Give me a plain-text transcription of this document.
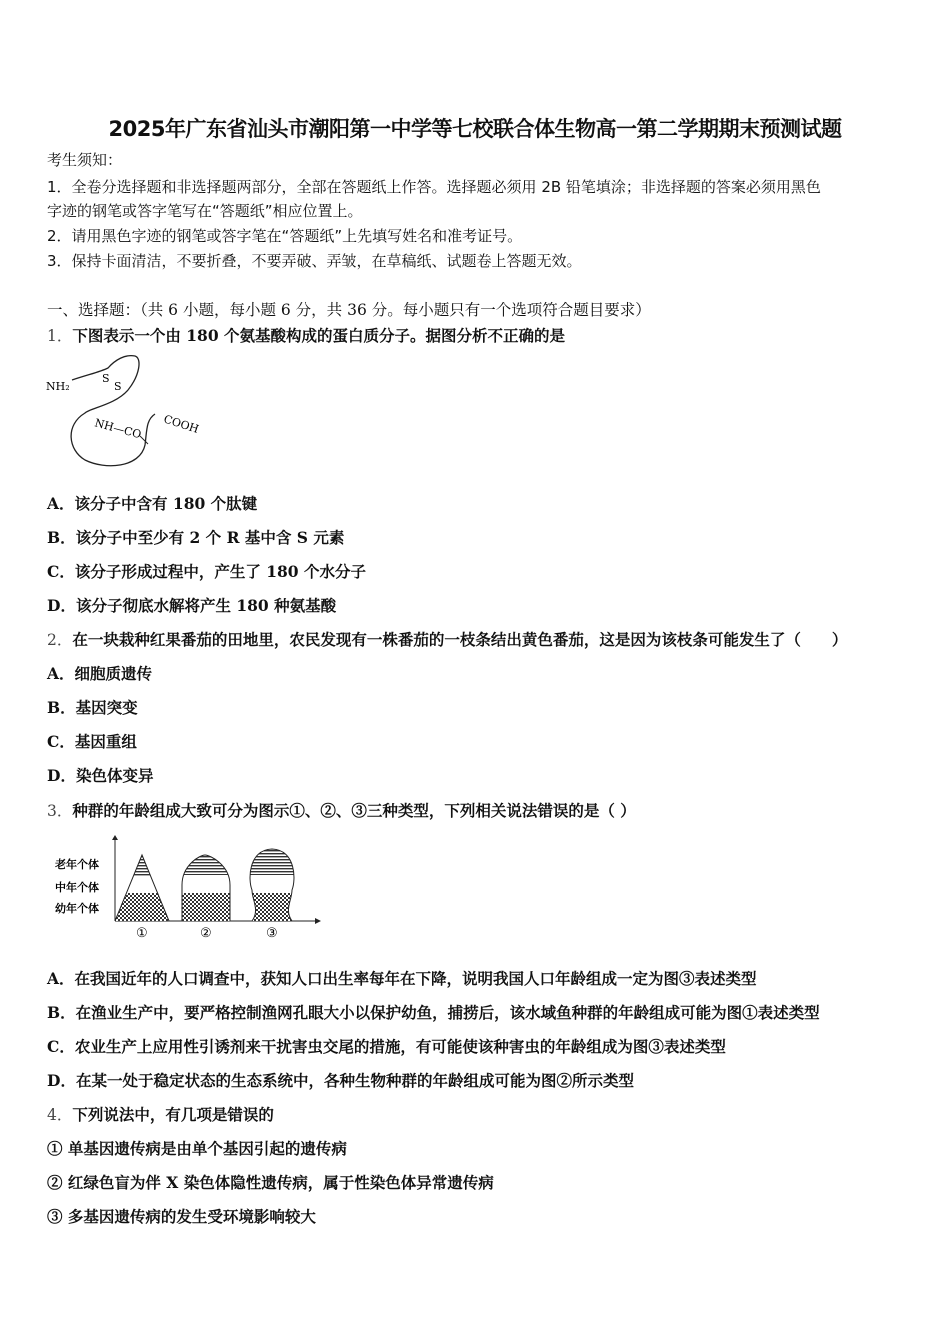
2025年广东省汕头市潮阳第一中学等七校联合体生物高一第二学期期末预测试题
考生须知：
1．全卷分选择题和非选择题两部分，全部在答题纸上作答。选择题必须用 2B 铅笔填涂；非选择题的答案必须用黑色
字迹的钢笔或答字笔写在“答题纸”相应位置上。
2．请用黑色字迹的钢笔或答字笔在“答题纸”上先填写姓名和准考证号。
3．保持卡面清洁，不要折叠，不要弄破、弄皱，在草稿纸、试题卷上答题无效。
一、选择题：（共 6 小题，每小题 6 分，共 36 分。每小题只有一个选项符合题目要求）
1．下图表示一个由 180 个氨基酸构成的蛋白质分子。据图分析不正确的是
NH₂
S
S
NH—CO COOH
A．该分子中含有 180 个肽键
B．该分子中至少有 2 个 R 基中含 S 元素
C．该分子形成过程中，产生了 180 个水分子
D．该分子彻底水解将产生 180 种氨基酸
2．在一块栽种红果番茄的田地里，农民发现有一株番茄的一枝条结出黄色番茄，这是因为该枝条可能发生了（　　）
A．细胞质遗传
B．基因突变
C．基因重组
D．染色体变异
3．种群的年龄组成大致可分为图示①、②、③三种类型，下列相关说法错误的是（ ）
老年个体
中年个体
幼年个体
①	②	③
A．在我国近年的人口调查中，获知人口出生率每年在下降，说明我国人口年龄组成一定为图③表述类型
B．在渔业生产中，要严格控制渔网孔眼大小以保护幼鱼，捕捞后，该水域鱼种群的年龄组成可能为图①表述类型
C．农业生产上应用性引诱剂来干扰害虫交尾的措施，有可能使该种害虫的年龄组成为图③表述类型
D．在某一处于稳定状态的生态系统中，各种生物种群的年龄组成可能为图②所示类型
4．下列说法中，有几项是错误的
① 单基因遗传病是由单个基因引起的遗传病
② 红绿色盲为伴 X 染色体隐性遗传病，属于性染色体异常遗传病
③ 多基因遗传病的发生受环境影响较大
